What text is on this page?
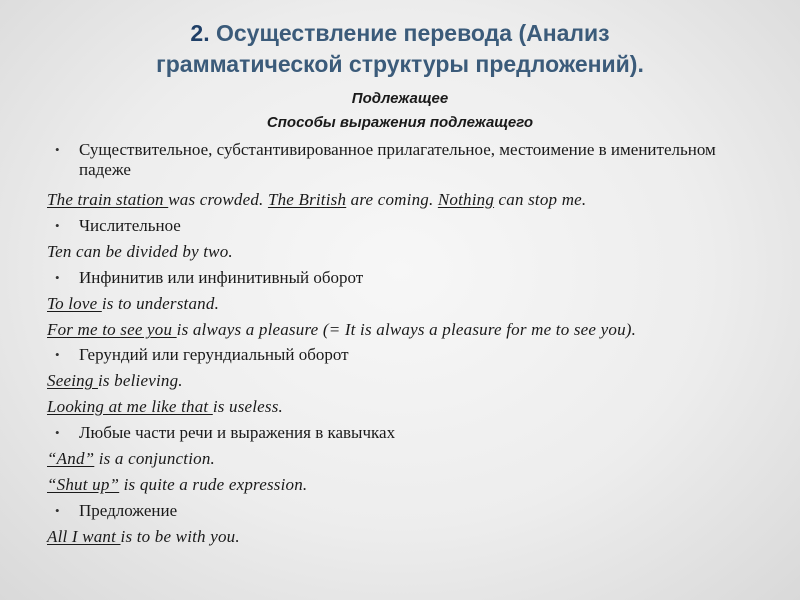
2. Осуществление перевода (Анализ
грамматической структуры предложений).
Подлежащее
Способы выражения подлежащего
• Существительное, субстантивированное прилагательное, местоимение в именительном падеже
The train station was crowded. The British are coming. Nothing can stop me.
• Числительное
Ten can be divided by two.
• Инфинитив или инфинитивный оборот
To love is to understand.
For me to see you is always a pleasure (= It is always a pleasure for me to see you).
• Герундий или герундиальный оборот
Seeing is believing.
Looking at me like that is useless.
• Любые части речи и выражения в кавычках
“And” is a conjunction.
“Shut up” is quite a rude expression.
• Предложение
All I want is to be with you.
